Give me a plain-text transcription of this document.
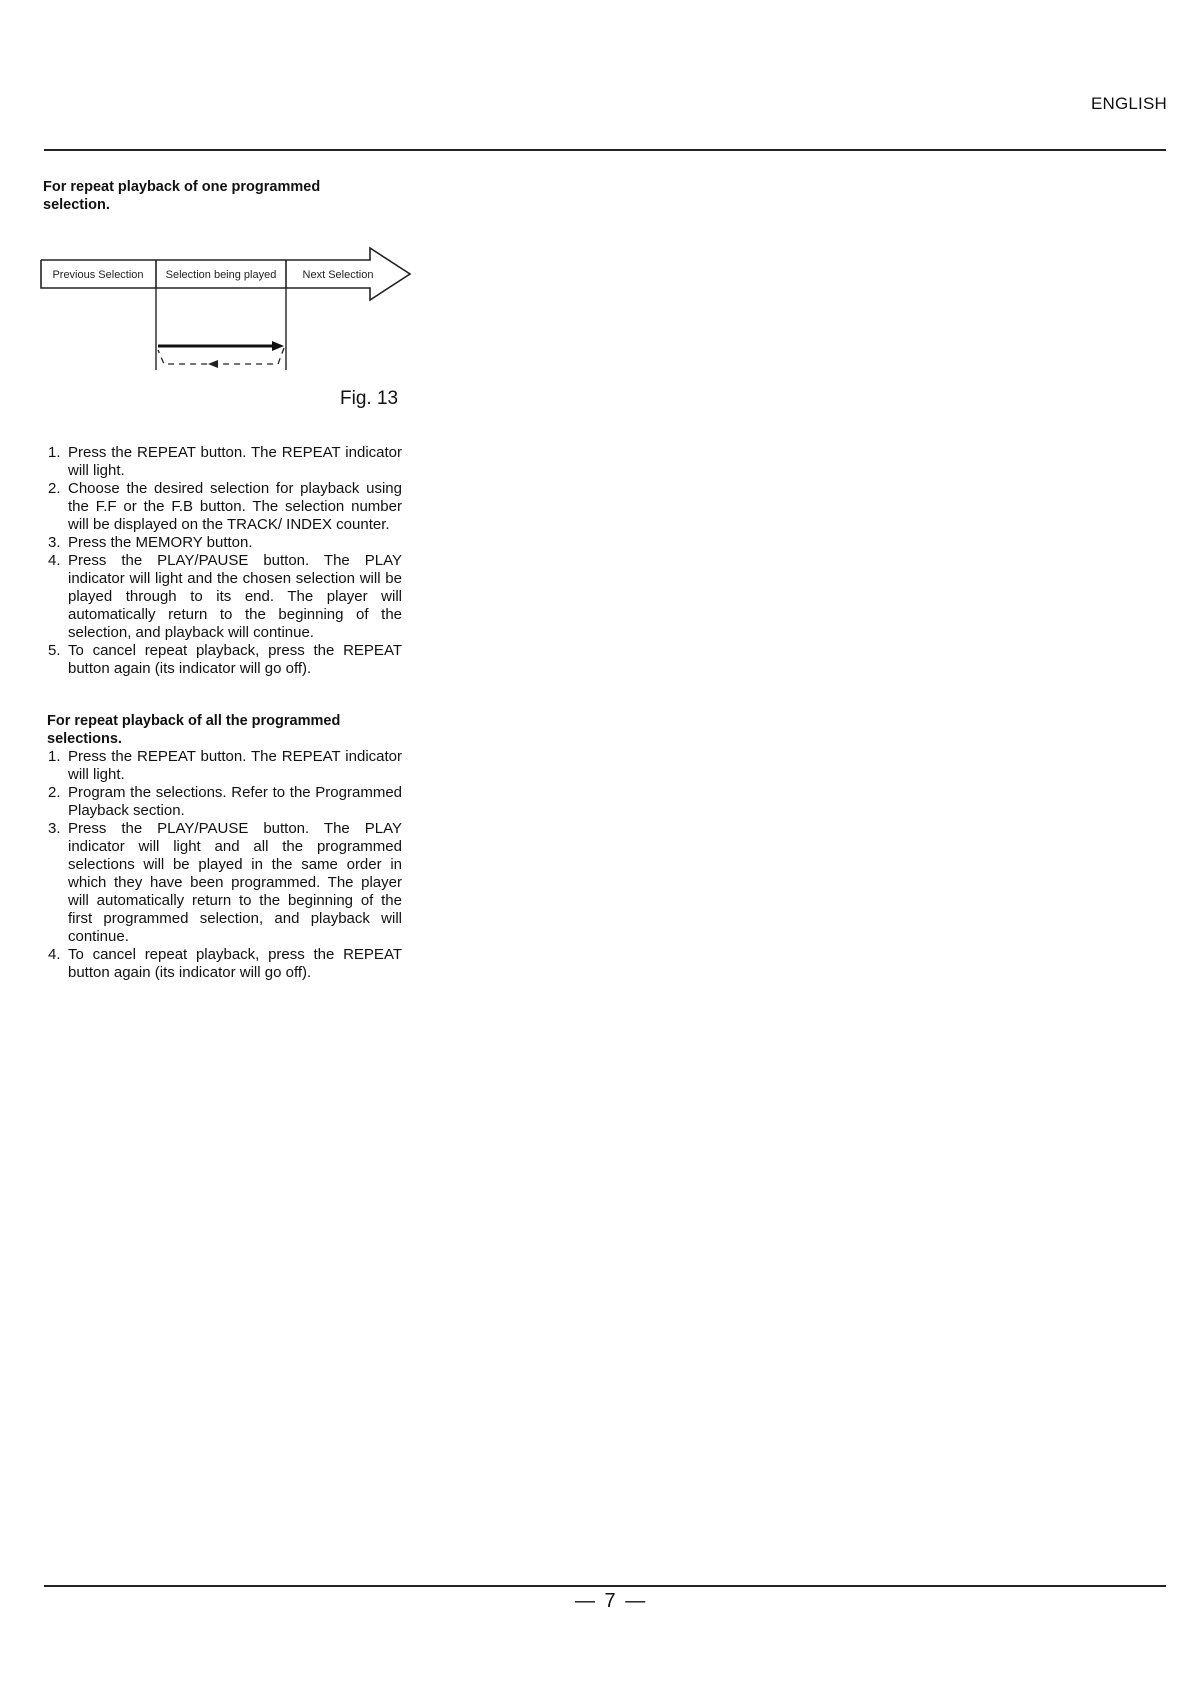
ENGLISH
For repeat playback of one programmed selection.
Previous Selection Selection being played Next Selection
Fig. 13
1. Press the REPEAT button. The REPEAT indicator will light.
2. Choose the desired selection for playback using the F.F or the F.B button. The selection number will be displayed on the TRACK/ INDEX counter.
3. Press the MEMORY button.
4. Press the PLAY/PAUSE button. The PLAY indicator will light and the chosen selection will be played through to its end. The player will automatically return to the beginning of the selection, and playback will continue.
5. To cancel repeat playback, press the REPEAT button again (its indicator will go off).
For repeat playback of all the programmed selections.
1. Press the REPEAT button. The REPEAT indicator will light.
2. Program the selections. Refer to the Programmed Playback section.
3. Press the PLAY/PAUSE button. The PLAY indicator will light and all the programmed selections will be played in the same order in which they have been programmed. The player will automatically return to the beginning of the first programmed selection, and playback will continue.
4. To cancel repeat playback, press the REPEAT button again (its indicator will go off).
— 7 —
